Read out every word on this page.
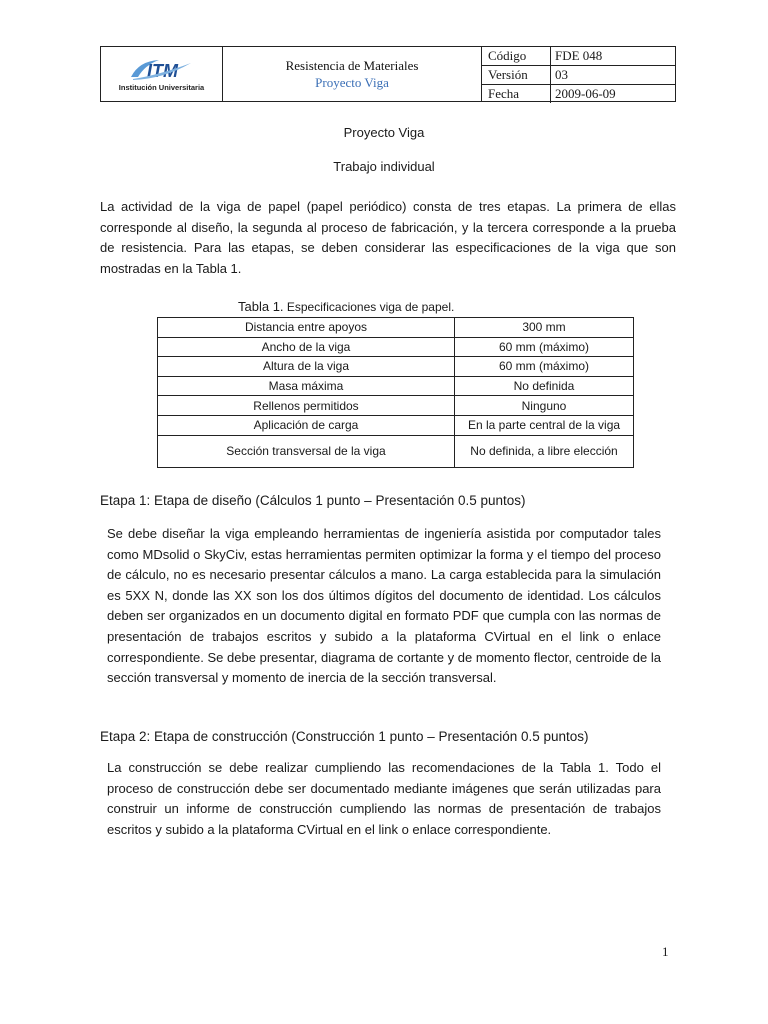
ITM
Institución Universitaria
Resistencia de Materiales
Proyecto Viga
Código	FDE 048
Versión	03
Fecha	2009-06-09
Proyecto Viga
Trabajo individual
La actividad de la viga de papel (papel periódico) consta de tres etapas. La primera de ellas corresponde al diseño, la segunda al proceso de fabricación, y la tercera corresponde a la prueba de resistencia. Para las etapas, se deben considerar las especificaciones de la viga que son mostradas en la Tabla 1.
Tabla 1. Especificaciones viga de papel.
Distancia entre apoyos	300 mm
Ancho de la viga	60 mm (máximo)
Altura de la viga	60 mm (máximo)
Masa máxima	No definida
Rellenos permitidos	Ninguno
Aplicación de carga	En la parte central de la viga
Sección transversal de la viga	No definida, a libre elección
Etapa 1: Etapa de diseño (Cálculos 1 punto – Presentación 0.5 puntos)
Se debe diseñar la viga empleando herramientas de ingeniería asistida por computador tales como MDsolid o SkyCiv, estas herramientas permiten optimizar la forma y el tiempo del proceso de cálculo, no es necesario presentar cálculos a mano. La carga establecida para la simulación es 5XX N, donde las XX son los dos últimos dígitos del documento de identidad. Los cálculos deben ser organizados en un documento digital en formato PDF que cumpla con las normas de presentación de trabajos escritos y subido a la plataforma CVirtual en el link o enlace correspondiente. Se debe presentar, diagrama de cortante y de momento flector, centroide de la sección transversal y momento de inercia de la sección transversal.
Etapa 2: Etapa de construcción (Construcción 1 punto – Presentación 0.5 puntos)
La construcción se debe realizar cumpliendo las recomendaciones de la Tabla 1. Todo el proceso de construcción debe ser documentado mediante imágenes que serán utilizadas para construir un informe de construcción cumpliendo las normas de presentación de trabajos escritos y subido a la plataforma CVirtual en el link o enlace correspondiente.
1
